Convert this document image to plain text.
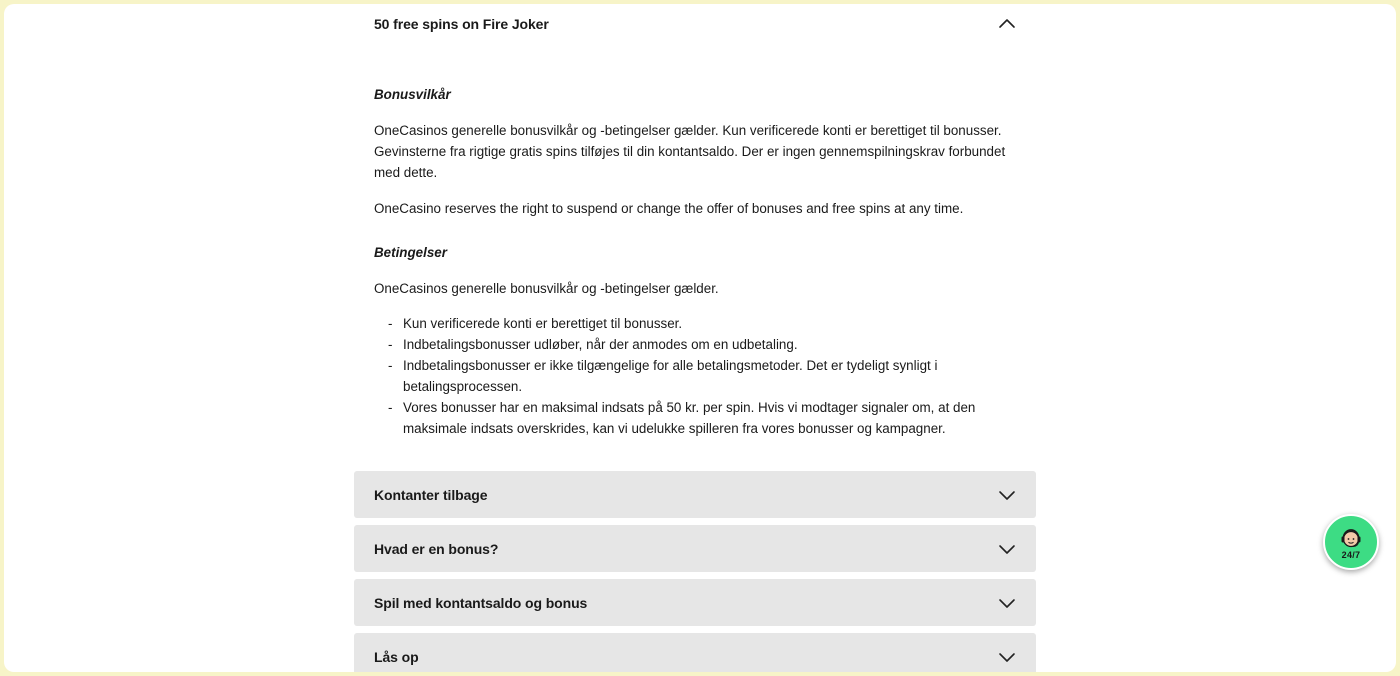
50 free spins on Fire Joker
Bonusvilkår

OneCasinos generelle bonusvilkår og -betingelser gælder. Kun verificerede konti er berettiget til bonusser. Gevinsterne fra rigtige gratis spins tilføjes til din kontantsaldo. Der er ingen gennemspilningskrav forbundet med dette.

OneCasino reserves the right to suspend or change the offer of bonuses and free spins at any time.

Betingelser

OneCasinos generelle bonusvilkår og -betingelser gælder.

- Kun verificerede konti er berettiget til bonusser.
- Indbetalingsbonusser udløber, når der anmodes om en udbetaling.
- Indbetalingsbonusser er ikke tilgængelige for alle betalingsmetoder. Det er tydeligt synligt i betalingsprocessen.
- Vores bonusser har en maksimal indsats på 50 kr. per spin. Hvis vi modtager signaler om, at den maksimale indsats overskrides, kan vi udelukke spilleren fra vores bonusser og kampagner.
Kontanter tilbage
Hvad er en bonus?
Spil med kontantsaldo og bonus
Lås op
24/7
